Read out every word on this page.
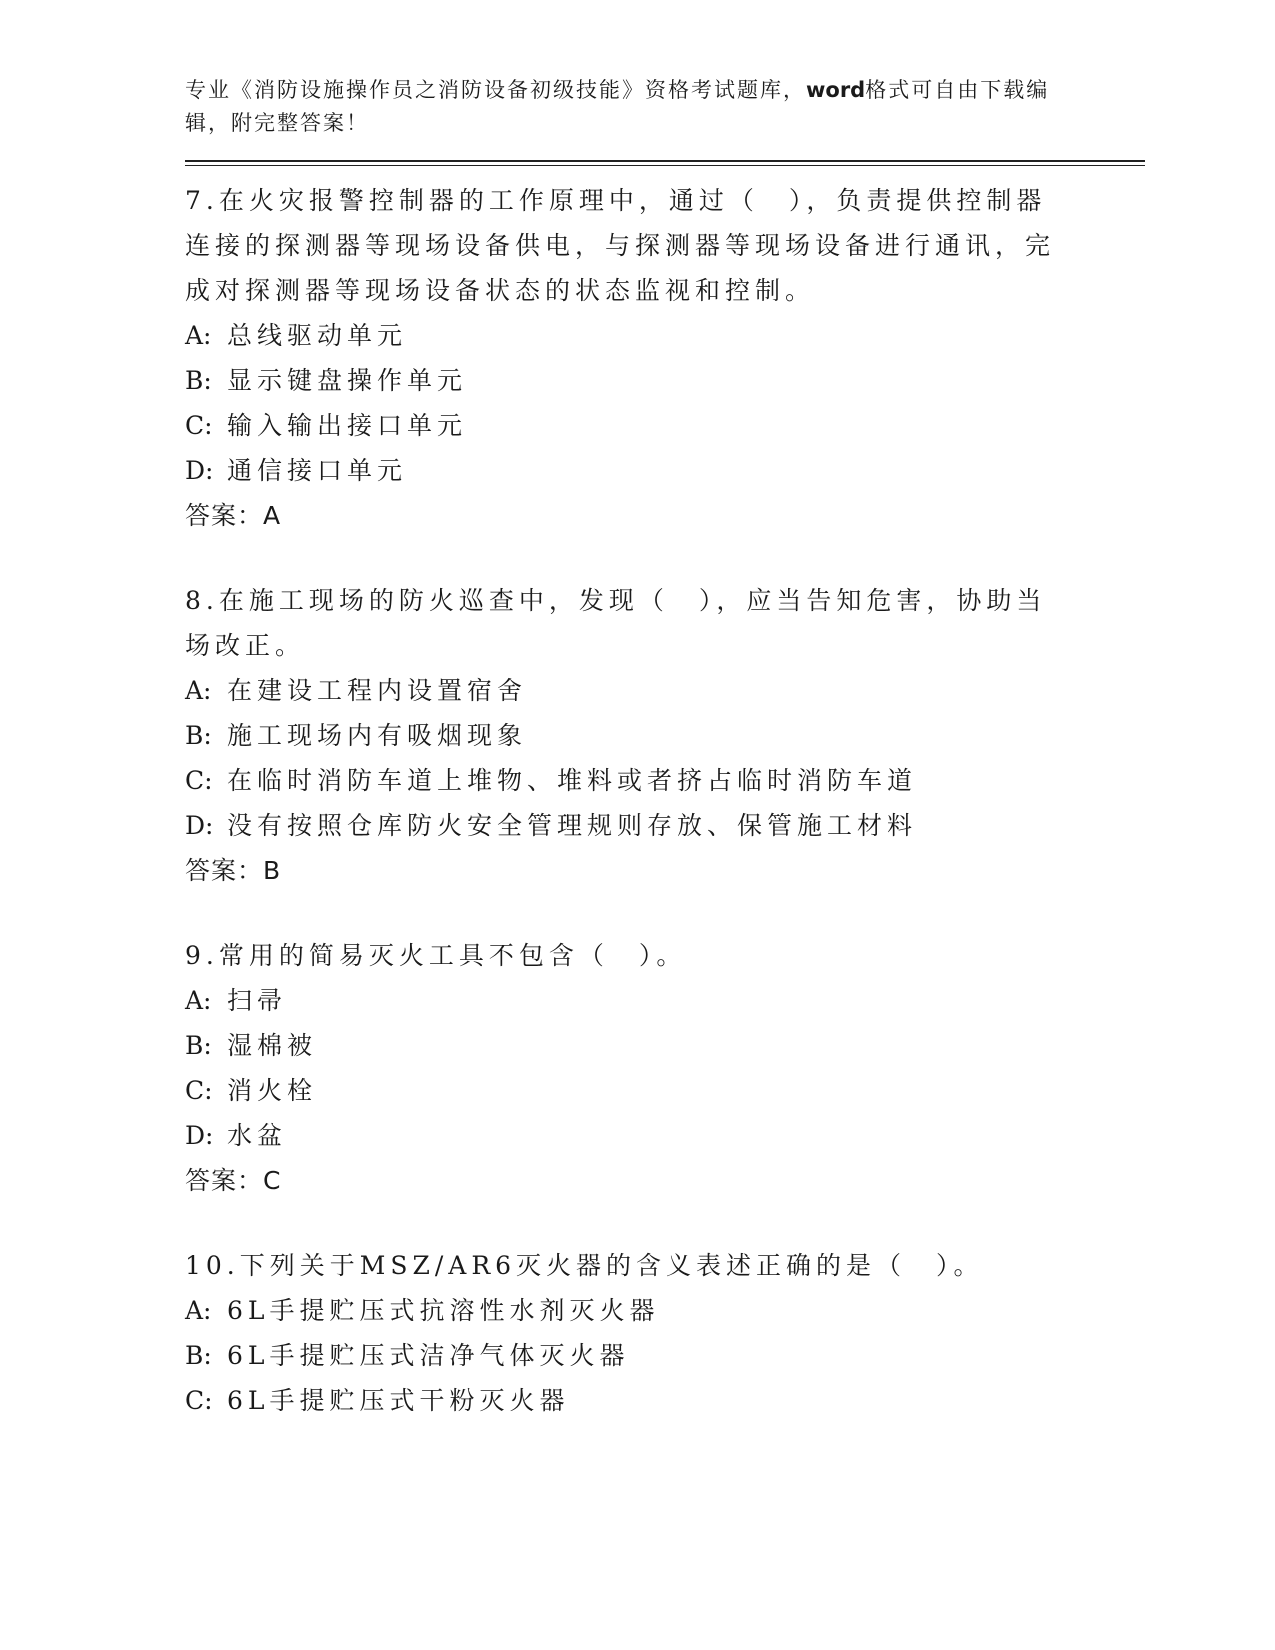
专业《消防设施操作员之消防设备初级技能》资格考试题库，word格式可自由下载编辑，附完整答案！
7.在火灾报警控制器的工作原理中，通过（　），负责提供控制器连接的探测器等现场设备供电，与探测器等现场设备进行通讯，完成对探测器等现场设备状态的状态监视和控制。
A: 总线驱动单元
B: 显示键盘操作单元
C: 输入输出接口单元
D: 通信接口单元
答案：A
8.在施工现场的防火巡查中，发现（　），应当告知危害，协助当场改正。
A: 在建设工程内设置宿舍
B: 施工现场内有吸烟现象
C: 在临时消防车道上堆物、堆料或者挤占临时消防车道
D: 没有按照仓库防火安全管理规则存放、保管施工材料
答案：B
9.常用的简易灭火工具不包含（　）。
A: 扫帚
B: 湿棉被
C: 消火栓
D: 水盆
答案：C
10.下列关于MSZ/AR6灭火器的含义表述正确的是（　）。
A: 6L手提贮压式抗溶性水剂灭火器
B: 6L手提贮压式洁净气体灭火器
C: 6L手提贮压式干粉灭火器
